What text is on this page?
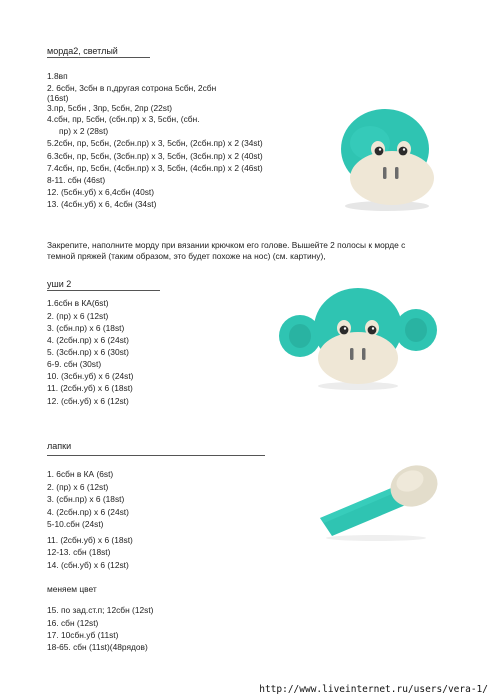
морда2, светлый
1.8вп
2. 6сбн, 3сбн в п,другая сотрона 5сбн, 2сбн
(16st)
3.пр, 5сбн , 3пр, 5сбн, 2пр (22st)
4.сбн, пр, 5сбн, (сбн.пр) x 3, 5сбн, (сбн.
пр) x 2 (28st)
5.2сбн, пр, 5сбн, (2сбн.пр) x 3, 5сбн, (2сбн.пр) x 2 (34st)
6.3сбн, пр, 5сбн, (3сбн.пр) x 3, 5сбн, (3сбн.пр) x 2 (40st)
7.4сбн, пр, 5сбн, (4сбн.пр) x 3, 5сбн, (4сбн.пр) x 2 (46st)
8-11. сбн (46st)
12. (5сбн.уб) x 6,4сбн (40st)
13. (4сбн.уб) x 6, 4сбн (34st)
Закрепите, наполните морду при вязании крючком его голове. Вышейте 2 полосы к морде с темной пряжей (таким образом, это будет похоже на нос) (см. картину),
уши 2
1.6сбн в КА(6st)
2. (пр) x 6 (12st)
3. (сбн.пр) x 6 (18st)
4. (2сбн.пр) x 6 (24st)
5. (3сбн.пр) x 6 (30st)
6-9. сбн (30st)
10. (3сбн.уб) x 6 (24st)
11. (2сбн.уб) x 6 (18st)
12. (сбн.уб) x 6 (12st)
лапки
1. 6сбн в КА (6st)
2. (пр) x 6 (12st)
3. (сбн.пр) x 6 (18st)
4. (2сбн.пр) x 6 (24st)
5-10.сбн (24st)
11. (2сбн.уб) x 6 (18st)
12-13. сбн (18st)
14. (сбн.уб) x 6 (12st)
меняем цвет
15. по зад.ст.п; 12сбн (12st)
16. сбн (12st)
17. 10сбн.уб (11st)
18-65. сбн (11st)(48рядов)
http://www.liveinternet.ru/users/vera-1/
